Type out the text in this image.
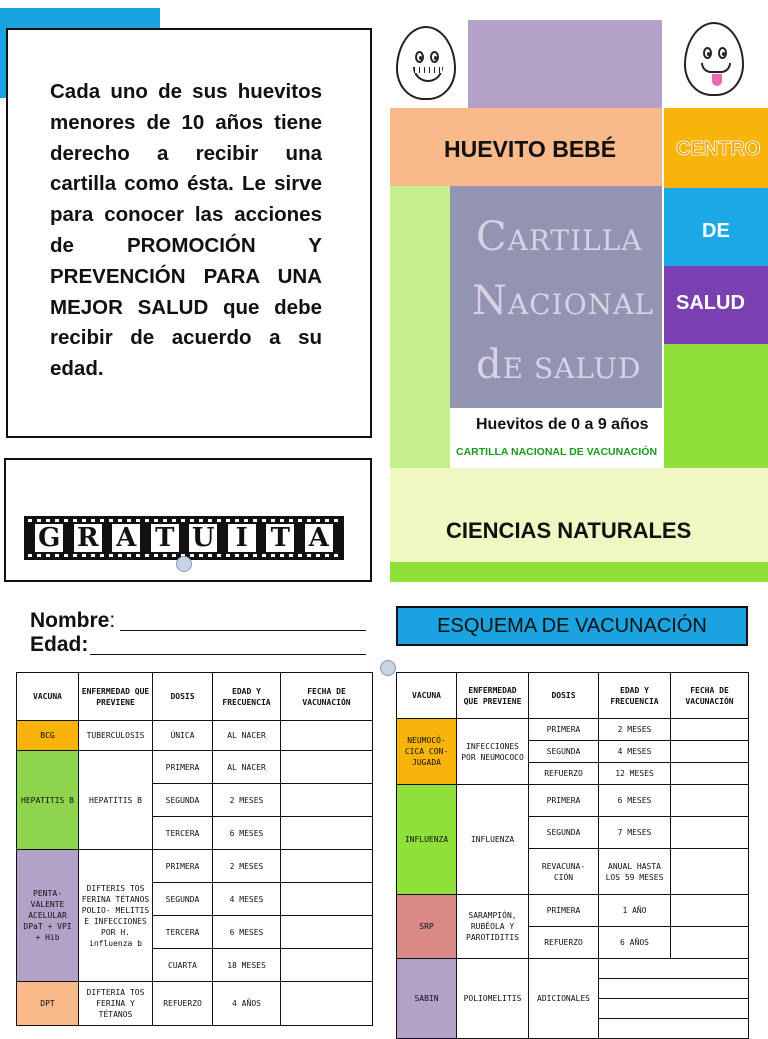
Cada uno de sus huevitos menores de 10 años tiene derecho a recibir una cartilla como ésta. Le sirve para conocer las acciones de PROMOCIÓN Y PREVENCIÓN PARA UNA MEJOR SALUD que debe recibir de acuerdo a su edad.
G R A T U I T A
HUEVITO BEBÉ	CENTRO
DE
SALUD
CARTILLA
NACIONAL
dE SALUD
Huevitos de 0 a 9 años
CARTILLA NACIONAL DE VACUNACIÓN
CIENCIAS NATURALES
Nombre:
Edad:
VACUNA	ENFERMEDAD QUE PREVIENE	DOSIS	EDAD Y FRECUENCIA	FECHA DE VACUNACIÓN
BCG	TUBERCULOSIS	ÚNICA	AL NACER	
HEPATITIS B	HEPATITIS B	PRIMERA	AL NACER	
		SEGUNDA	2 MESES	
		TERCERA	6 MESES	
PENTA- VALENTE ACELULAR DPaT + VPI + Hib	DIFTERIS TOS FERINA TÉTANOS POLIO- MELITIS E INFECCIONES POR H. influenza b	PRIMERA	2 MESES	
		SEGUNDA	4 MESES	
		TERCERA	6 MESES	
		CUARTA	18 MESES	
DPT	DIFTERIA TOS FERINA Y TÉTANOS	REFUERZO	4 AÑOS	
ESQUEMA DE VACUNACIÓN
VACUNA	ENFERMEDAD QUE PREVIENE	DOSIS	EDAD Y FRECUENCIA	FECHA DE VACUNACIÓN
NEUMOCÓ- CICA CON- JUGADA	INFECCIONES POR NEUMOCOCO	PRIMERA	2 MESES	
		SEGUNDA	4 MESES	
		REFUERZO	12 MESES	
INFLUENZA	INFLUENZA	PRIMERA	6 MESES	
		SEGUNDA	7 MESES	
		REVACUNA- CIÓN	ANUAL HASTA LOS 59 MESES	
SRP	SARAMPIÓN, RUBÉOLA Y PAROTIDITIS	PRIMERA	1 AÑO	
		REFUERZO	6 AÑOS	
SABIN	POLIOMELITIS	ADICIONALES		
